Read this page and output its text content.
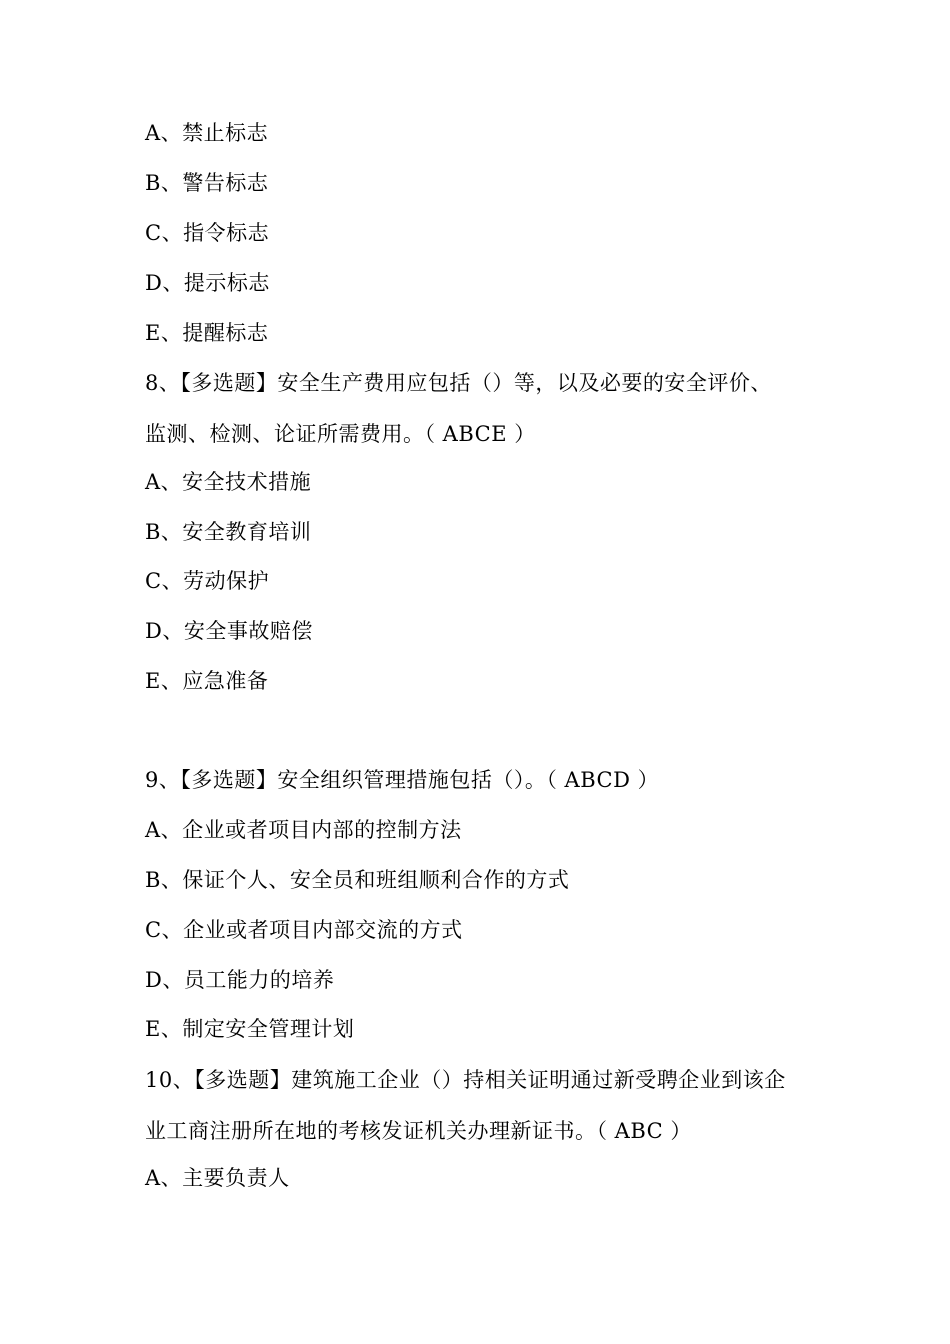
A、禁止标志
B、警告标志
C、指令标志
D、提示标志
E、提醒标志
8、【多选题】安全生产费用应包括（）等，以及必要的安全评价、
监测、检测、论证所需费用。（ ABCE ）
A、安全技术措施
B、安全教育培训
C、劳动保护
D、安全事故赔偿
E、应急准备
9、【多选题】安全组织管理措施包括（）。（ ABCD ）
A、企业或者项目内部的控制方法
B、保证个人、安全员和班组顺利合作的方式
C、企业或者项目内部交流的方式
D、员工能力的培养
E、制定安全管理计划
10、【多选题】建筑施工企业（）持相关证明通过新受聘企业到该企
业工商注册所在地的考核发证机关办理新证书。（ ABC ）
A、主要负责人
